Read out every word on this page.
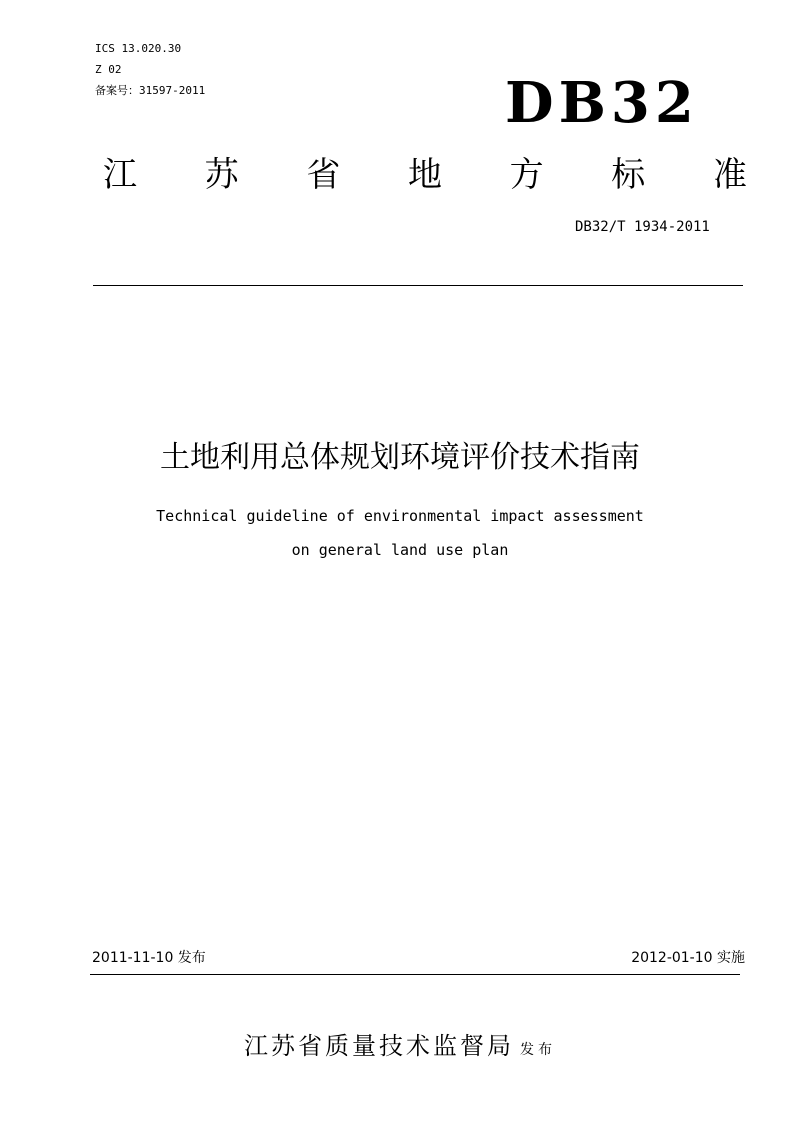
ICS 13.020.30
Z 02
备案号：31597-2011	DB32
江 苏 省 地 方 标 准
DB32/T 1934-2011
土地利用总体规划环境评价技术指南
Technical guideline of environmental impact assessment
on general land use plan
2011-11-10 发布	2012-01-10 实施
江苏省质量技术监督局 发布
